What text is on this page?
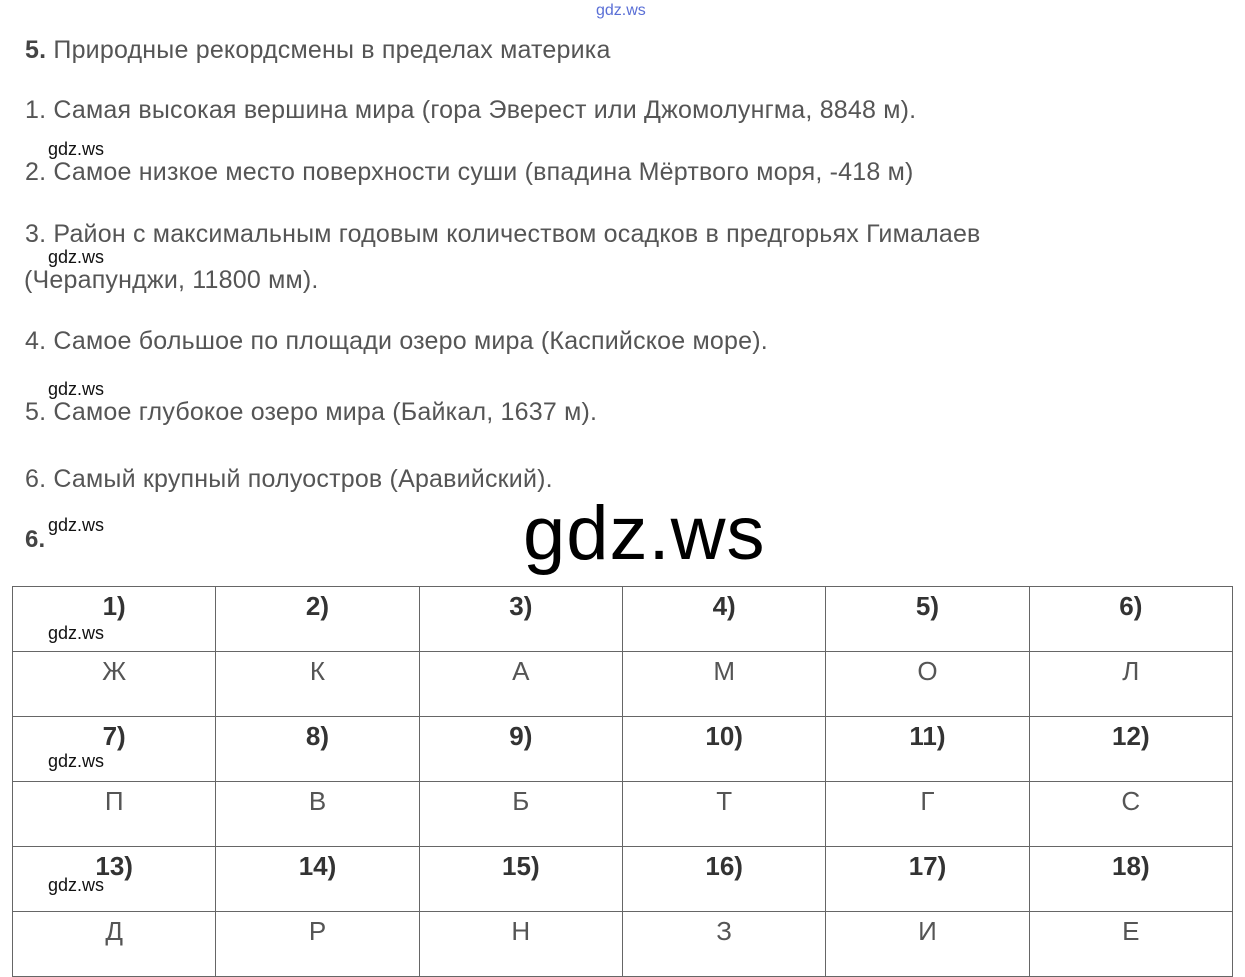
gdz.ws
5. Природные рекордсмены в пределах материка
1. Самая высокая вершина мира (гора Эверест или Джомолунгма, 8848 м).
gdz.ws
2. Самое низкое место поверхности суши (впадина Мёртвого моря, -418 м)
3. Район с максимальным годовым количеством осадков в предгорьях Гималаев
gdz.ws
(Черапунджи, 11800 мм).
4. Самое большое по площади озеро мира (Каспийское море).
gdz.ws
5. Самое глубокое озеро мира (Байкал, 1637 м).
6. Самый крупный полуостров (Аравийский).
gdz.ws
6.	gdz.ws
1)	2)	3)	4)	5)	6)
Ж	К	А	М	О	Л
7)	8)	9)	10)	11)	12)
П	В	Б	Т	Г	С
13)	14)	15)	16)	17)	18)
Д	Р	Н	З	И	Е
gdz.ws
gdz.ws
gdz.ws
